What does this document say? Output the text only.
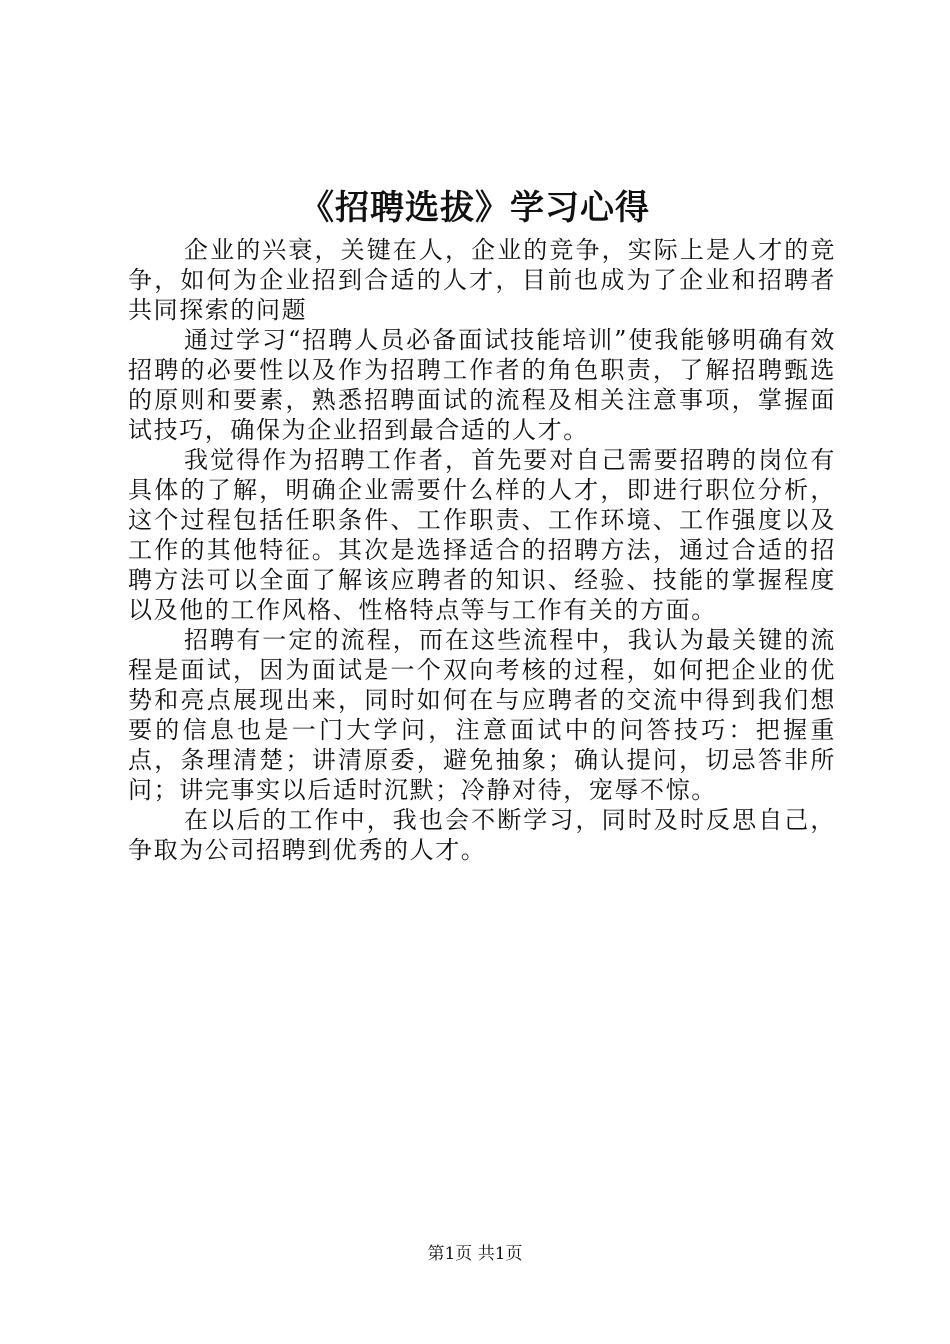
《招聘选拔》学习心得

企业的兴衰，关键在人，企业的竞争，实际上是人才的竞争，如何为企业招到合适的人才，目前也成为了企业和招聘者共同探索的问题

通过学习“招聘人员必备面试技能培训”使我能够明确有效招聘的必要性以及作为招聘工作者的角色职责，了解招聘甄选的原则和要素，熟悉招聘面试的流程及相关注意事项，掌握面试技巧，确保为企业招到最合适的人才。

我觉得作为招聘工作者，首先要对自己需要招聘的岗位有具体的了解，明确企业需要什么样的人才，即进行职位分析，这个过程包括任职条件、工作职责、工作环境、工作强度以及工作的其他特征。其次是选择适合的招聘方法，通过合适的招聘方法可以全面了解该应聘者的知识、经验、技能的掌握程度以及他的工作风格、性格特点等与工作有关的方面。

招聘有一定的流程，而在这些流程中，我认为最关键的流程是面试，因为面试是一个双向考核的过程，如何把企业的优势和亮点展现出来，同时如何在与应聘者的交流中得到我们想要的信息也是一门大学问，注意面试中的问答技巧：把握重点，条理清楚；讲清原委，避免抽象；确认提问，切忌答非所问；讲完事实以后适时沉默；冷静对待，宠辱不惊。

在以后的工作中，我也会不断学习，同时及时反思自己，争取为公司招聘到优秀的人才。

第1页 共1页
